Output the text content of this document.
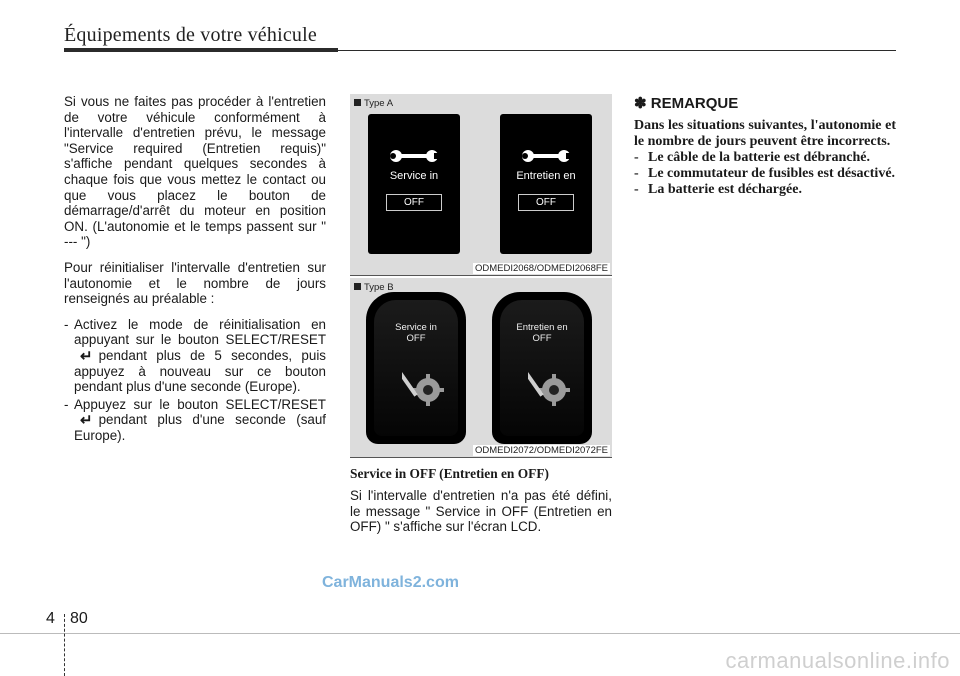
Équipements de votre véhicule

Si vous ne faites pas procéder à l'entretien de votre véhicule conformément à l'intervalle d'entretien prévu, le message "Service required (Entretien requis)" s'affiche pendant quelques secondes à chaque fois que vous mettez le contact ou que vous placez le bouton de démarrage/d'arrêt du moteur en position ON. (L'autonomie et le temps passent sur " --- ")

Pour réinitialiser l'intervalle d'entretien sur l'autonomie et le nombre de jours renseignés au préalable :

- Activez le mode de réinitialisation en appuyant sur le bouton SELECT/RESET↵ pendant plus de 5 secondes, puis appuyez à nouveau sur ce bouton pendant plus d'une seconde (Europe).
- Appuyez sur le bouton SELECT/RESET↵ pendant plus d'une seconde (sauf Europe).
Type A
Service in
OFF
Entretien en
OFF
ODMEDI2068/ODMEDI2068FE
Type B
Service in
OFF
Entretien en
OFF
ODMEDI2072/ODMEDI2072FE
Service in OFF (Entretien en OFF)
Si l'intervalle d'entretien n'a pas été défini, le message " Service in OFF (Entretien en OFF) " s'affiche sur l'écran LCD.
✽ REMARQUE

Dans les situations suivantes, l'autonomie et le nombre de jours peuvent être incorrects.

- Le câble de la batterie est débranché.
- Le commutateur de fusibles est désactivé.
- La batterie est déchargée.
CarManuals2.com
4 80
carmanualsonline.info
